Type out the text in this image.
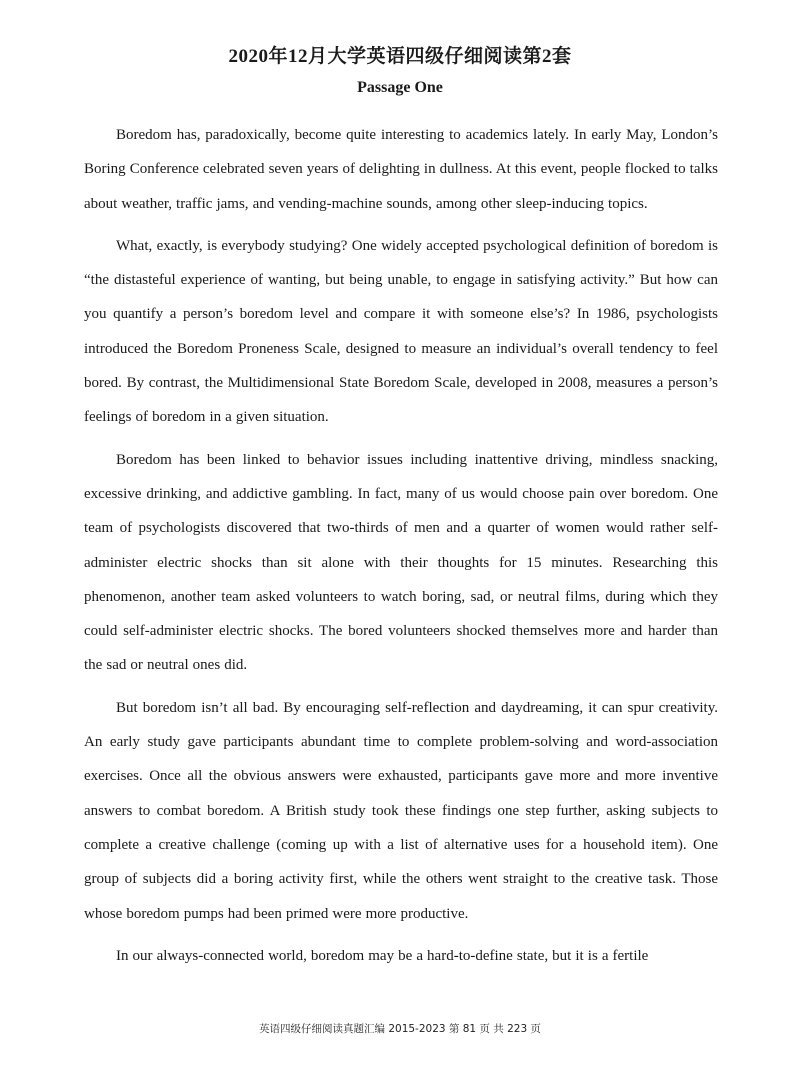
2020年12月大学英语四级仔细阅读第2套
Passage One

Boredom has, paradoxically, become quite interesting to academics lately. In early May, London’s Boring Conference celebrated seven years of delighting in dullness. At this event, people flocked to talks about weather, traffic jams, and vending-machine sounds, among other sleep-inducing topics.

What, exactly, is everybody studying? One widely accepted psychological definition of boredom is “the distasteful experience of wanting, but being unable, to engage in satisfying activity.” But how can you quantify a person’s boredom level and compare it with someone else’s? In 1986, psychologists introduced the Boredom Proneness Scale, designed to measure an individual’s overall tendency to feel bored. By contrast, the Multidimensional State Boredom Scale, developed in 2008, measures a person’s feelings of boredom in a given situation.

Boredom has been linked to behavior issues including inattentive driving, mindless snacking, excessive drinking, and addictive gambling. In fact, many of us would choose pain over boredom. One team of psychologists discovered that two-thirds of men and a quarter of women would rather self-administer electric shocks than sit alone with their thoughts for 15 minutes. Researching this phenomenon, another team asked volunteers to watch boring, sad, or neutral films, during which they could self-administer electric shocks. The bored volunteers shocked themselves more and harder than the sad or neutral ones did.

But boredom isn’t all bad. By encouraging self-reflection and daydreaming, it can spur creativity. An early study gave participants abundant time to complete problem-solving and word-association exercises. Once all the obvious answers were exhausted, participants gave more and more inventive answers to combat boredom. A British study took these findings one step further, asking subjects to complete a creative challenge (coming up with a list of alternative uses for a household item). One group of subjects did a boring activity first, while the others went straight to the creative task. Those whose boredom pumps had been primed were more productive.

In our always-connected world, boredom may be a hard-to-define state, but it is a fertile

英语四级仔细阅读真题汇编 2015-2023 第 81 页 共 223 页
